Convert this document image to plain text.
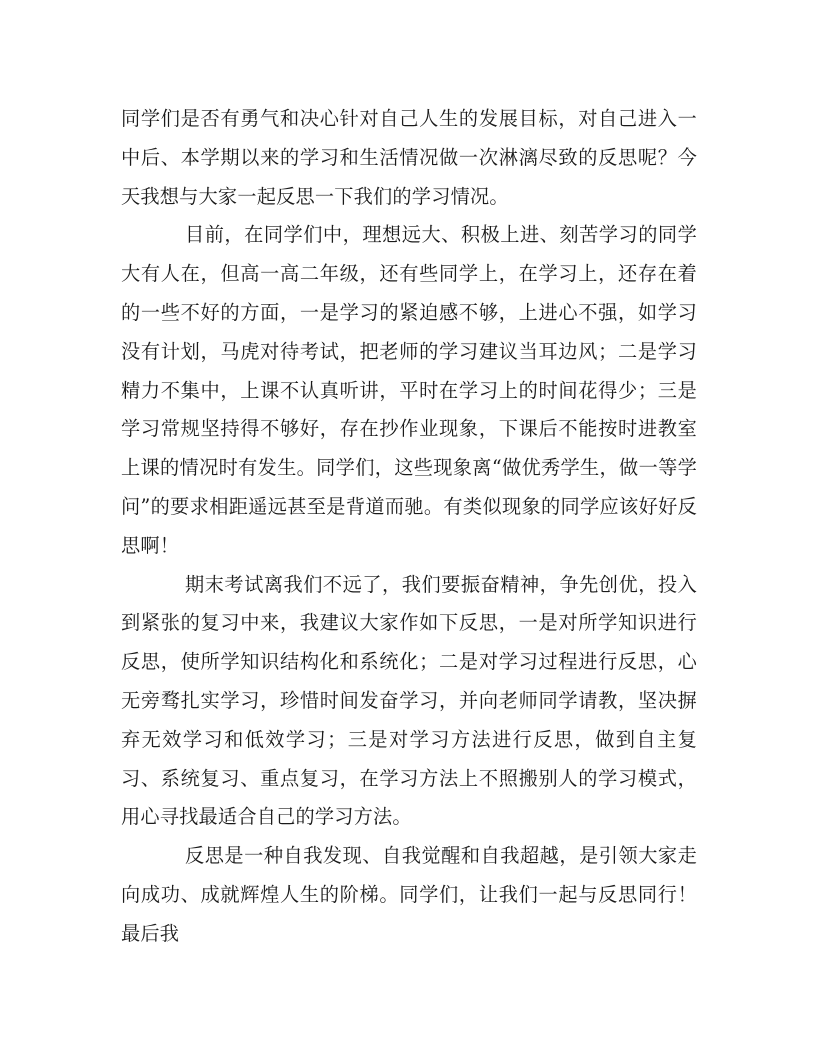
同学们是否有勇气和决心针对自己人生的发展目标，对自己进入一中后、本学期以来的学习和生活情况做一次淋漓尽致的反思呢？今天我想与大家一起反思一下我们的学习情况。

目前，在同学们中，理想远大、积极上进、刻苦学习的同学大有人在，但高一高二年级，还有些同学上，在学习上，还存在着的一些不好的方面，一是学习的紧迫感不够，上进心不强，如学习没有计划，马虎对待考试，把老师的学习建议当耳边风；二是学习精力不集中，上课不认真听讲，平时在学习上的时间花得少；三是学习常规坚持得不够好，存在抄作业现象，下课后不能按时进教室上课的情况时有发生。同学们，这些现象离“做优秀学生，做一等学问”的要求相距遥远甚至是背道而驰。有类似现象的同学应该好好反思啊！

期末考试离我们不远了，我们要振奋精神，争先创优，投入到紧张的复习中来，我建议大家作如下反思，一是对所学知识进行反思，使所学知识结构化和系统化；二是对学习过程进行反思，心无旁骛扎实学习，珍惜时间发奋学习，并向老师同学请教，坚决摒弃无效学习和低效学习；三是对学习方法进行反思，做到自主复习、系统复习、重点复习，在学习方法上不照搬别人的学习模式，用心寻找最适合自己的学习方法。

反思是一种自我发现、自我觉醒和自我超越，是引领大家走向成功、成就辉煌人生的阶梯。同学们，让我们一起与反思同行！最后我
